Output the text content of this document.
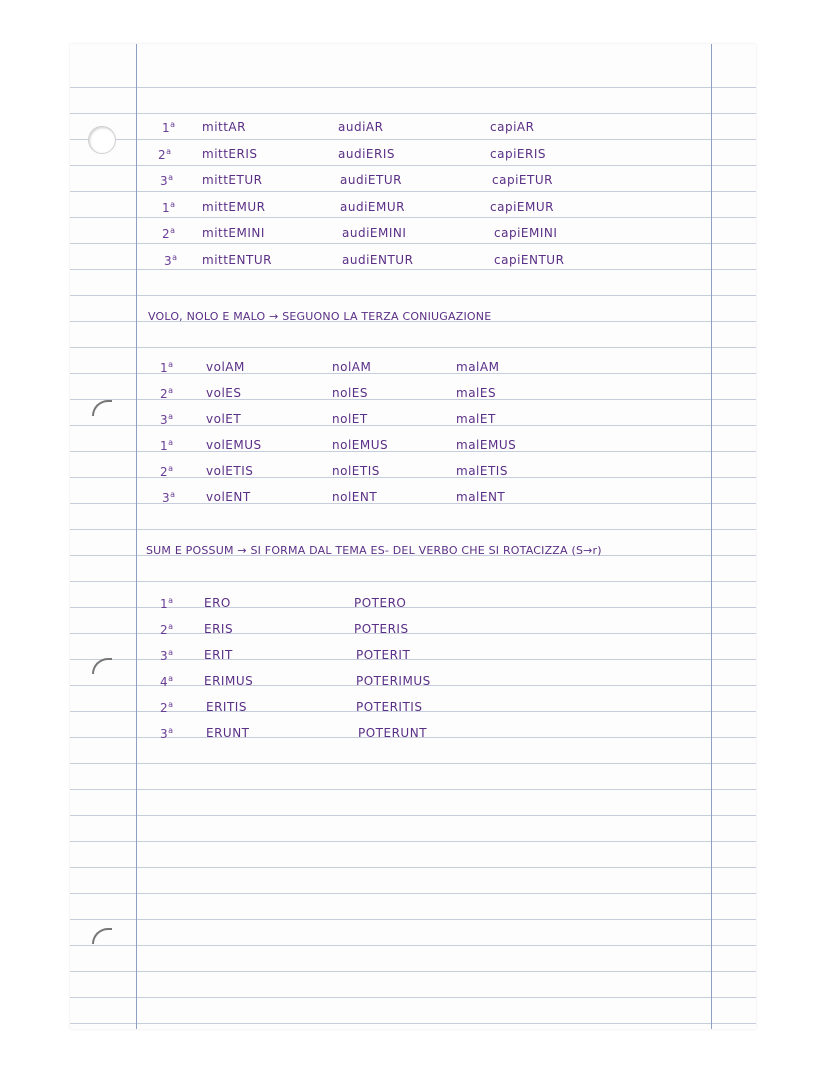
1$^a$ mittAR	audiAR	capiAR
2$^a$	mittERIS	audiERIS	capiERIS
3$^a$ mittETUR	audiETUR	capiETUR
1$^a$ mittEMUR	audiEMUR	capiEMUR
2$^a$ mittEMINI	audiEMINI	capiEMINI
3$^a$ mittENTUR	audiENTUR	capiENTUR
VOLO, NOLO E MALO → SEGUONO LA TERZA CONIUGAZIONE
1$^a$	volAM	nolAM	malAM
2$^a$	volES	nolES	malES
3$^a$	volET	nolET	malET
1$^a$	volEMUS	nolEMUS	malEMUS
2$^a$	volETIS	nolETIS	malETIS
3$^a$	volENT	nolENT	malENT
SUM E POSSUM → SI FORMA DAL TEMA ES- DEL VERBO CHE SI ROTACIZZA (S→r)
1$^a$	ERO	POTERO
2$^a$	ERIS	POTERIS
3$^a$	ERIT	POTERIT
4$^a$	ERIMUS	POTERIMUS
2$^a$	ERITIS	POTERITIS
3$^a$	ERUNT	POTERUNT
